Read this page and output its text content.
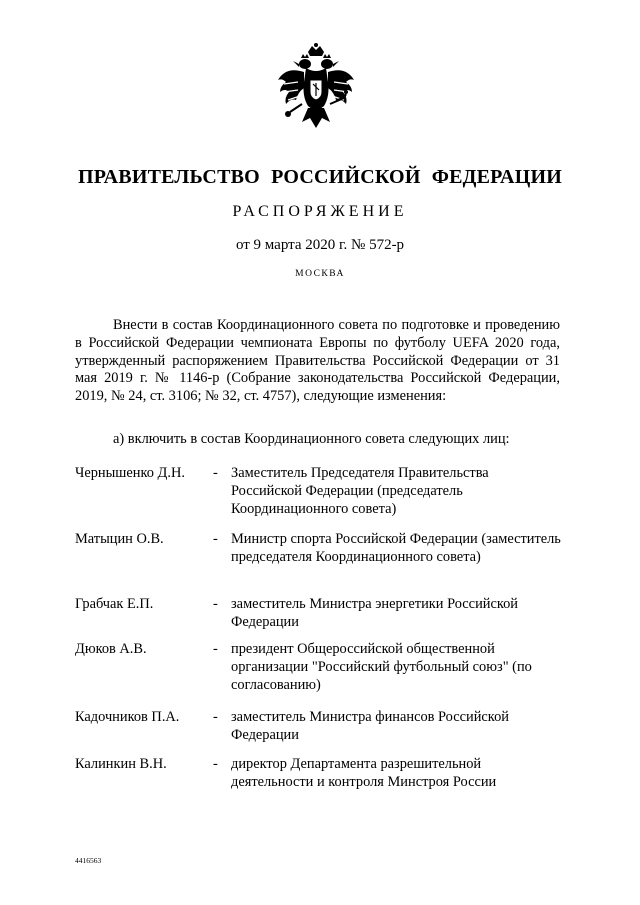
ПРАВИТЕЛЬСТВО РОССИЙСКОЙ ФЕДЕРАЦИИ
РАСПОРЯЖЕНИЕ
от 9 марта 2020 г. № 572-р
МОСКВА

Внести в состав Координационного совета по подготовке и проведению в Российской Федерации чемпионата Европы по футболу UEFA 2020 года, утвержденный распоряжением Правительства Российской Федерации от 31 мая 2019 г. № 1146-р (Собрание законодательства Российской Федерации, 2019, № 24, ст. 3106; № 32, ст. 4757), следующие изменения:

а) включить в состав Координационного совета следующих лиц:
Чернышенко Д.Н. - Заместитель Председателя Правительства Российской Федерации (председатель Координационного совета)
Матыцин О.В.	- Министр спорта Российской Федерации (заместитель председателя Координационного совета)
Грабчак Е.П.	- заместитель Министра энергетики Российской Федерации
Дюков А.В.	- президент Общероссийской общественной организации "Российский футбольный союз" (по согласованию)
Кадочников П.А. - заместитель Министра финансов Российской Федерации
Калинкин В.Н.	- директор Департамента разрешительной деятельности и контроля Минстроя России
4416563
